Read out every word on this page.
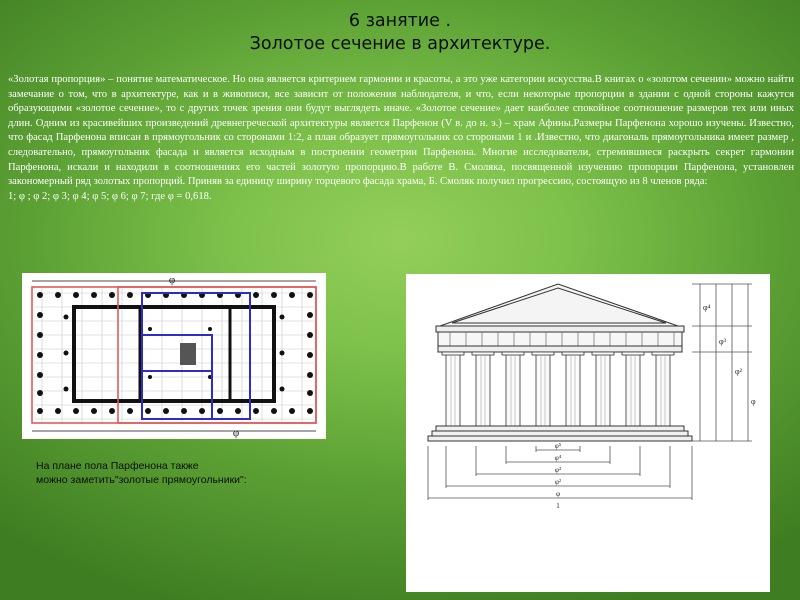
6 занятие .
Золотое сечение в архитектуре.
«Золотая пропорция» – понятие математическое. Но она является критерием гармонии и красоты, а это уже категории искусства.В книгах о «золотом сечении» можно найти замечание о том, что в архитектуре, как и в живописи, все зависит от положения наблюдателя, и что, если некоторые пропорции в здании с одной стороны кажутся образующими «золотое сечение», то с других точек зрения они будут выглядеть иначе. «Золотое сечение» дает наиболее спокойное соотношение размеров тех или иных длин. Одним из красивейших произведений древнегреческой архитектуры является Парфенон (V в. до н. э.) – храм Афины.Размеры Парфенона хорошо изучены. Известно, что фасад Парфенона вписан в прямоугольник со сторонами 1:2, а план образует прямоугольник со сторонами 1 и .Известно, что диагональ прямоугольника имеет размер , следовательно, прямоугольник фасада и является исходным в построении геометрии Парфенона. Многие исследователи, стремившиеся раскрыть секрет гармонии Парфенона, искали и находили в соотношениях его частей золотую пропорцию.В работе В. Смоляка, посвященной изучению пропорции Парфенона, установлен закономерный ряд золотых пропорций. Приняв за единицу ширину торцевого фасада храма, Б. Смоляк получил прогрессию, состоящую из 8 членов ряда:
1; φ ; φ 2; φ 3; φ 4; φ 5; φ 6; φ 7; где φ = 0,618.
φ
φ
φ⁴
φ³
φ²
φ
φ⁵
φ⁴
φ³
φ²
φ
1
На плане пола Парфенона также
можно заметить"золотые прямоугольники":
